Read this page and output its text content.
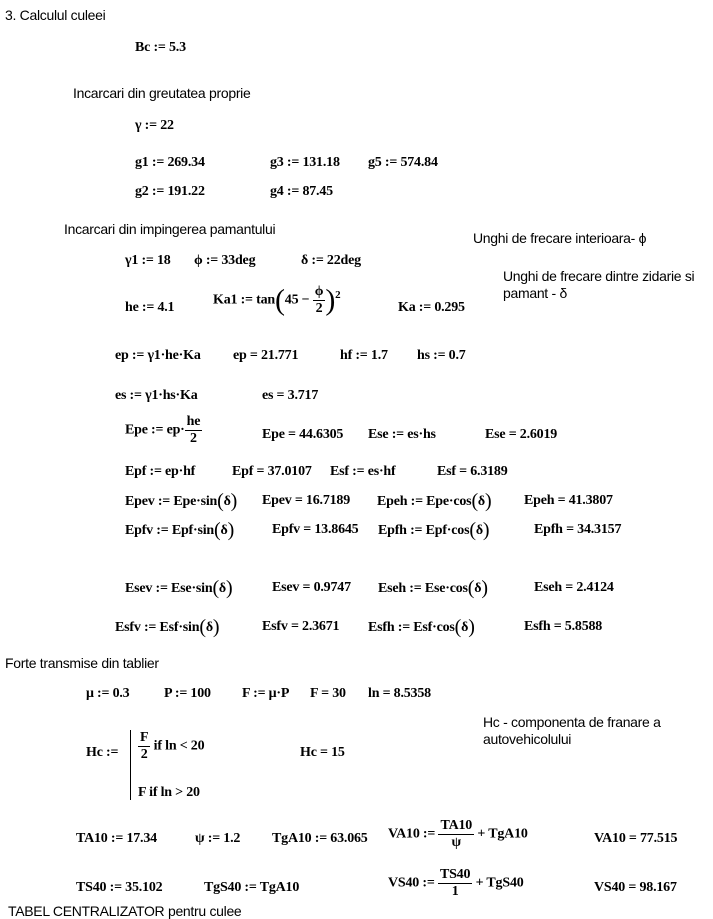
3. Calculul culeei
Bc := 5.3
Incarcari din greutatea proprie
γ := 22
g1 := 269.34	g3 := 131.18 g5 := 574.84
g2 := 191.22	g4 := 87.45
Incarcari din impingerea pamantului
Unghi de frecare interioara- ϕ
Unghi de frecare dintre zidarie si pamant - δ
γ1 := 18 ϕ := 33deg	δ := 22deg
he := 4.1	Ka1 := $\tan(45 - \frac{\phi}{2} )^2$
Ka := 0.295
ep := γ1·he·Ka ep = 21.771	hf := 1.7 hs := 0.7
es := γ1·hs·Ka	es = 3.717
Epe := $ep\cdot \frac{he}{2}$	Epe = 44.6305 Ese := es·hs	Ese = 2.6019
Epf := ep·hf	Epf = 37.0107 Esf := es·hf	Esf = 6.3189
Epev := Epe·sin(δ) Epev = 16.7189 Epeh := Epe·cos(δ) Epeh = 41.3807
Epfv := Epf·sin(δ)	Epfv = 13.8645 Epfh := Epf·cos(δ)	Epfh = 34.3157
Esev := Ese·sin(δ)	Esev = 0.9747 Eseh := Ese·cos(δ)	Eseh = 2.4124
Esfv := Esf·sin(δ)	Esfv = 2.3671 Esfh := Esf·cos(δ)	Esfh = 5.8588
Forte transmise din tablier
μ := 0.3 P := 100 F := μ·P F = 30 ln = 8.5358
Hc - componenta de franare a autovehicolului
Hc := $\frac{F}{2}$ if ln < 20
F if ln > 20
Hc = 15
TA10 := 17.34	ψ := 1.2 TgA10 := 63.065 VA10 := $\frac{TA10}{\psi} + TgA10$	VA10 = 77.515
TS40 := 35.102	TgS40 := TgA10	VS40 := $\frac{TS40}{1} + TgS40$	VS40 = 98.167
TABEL CENTRALIZATOR pentru culee
